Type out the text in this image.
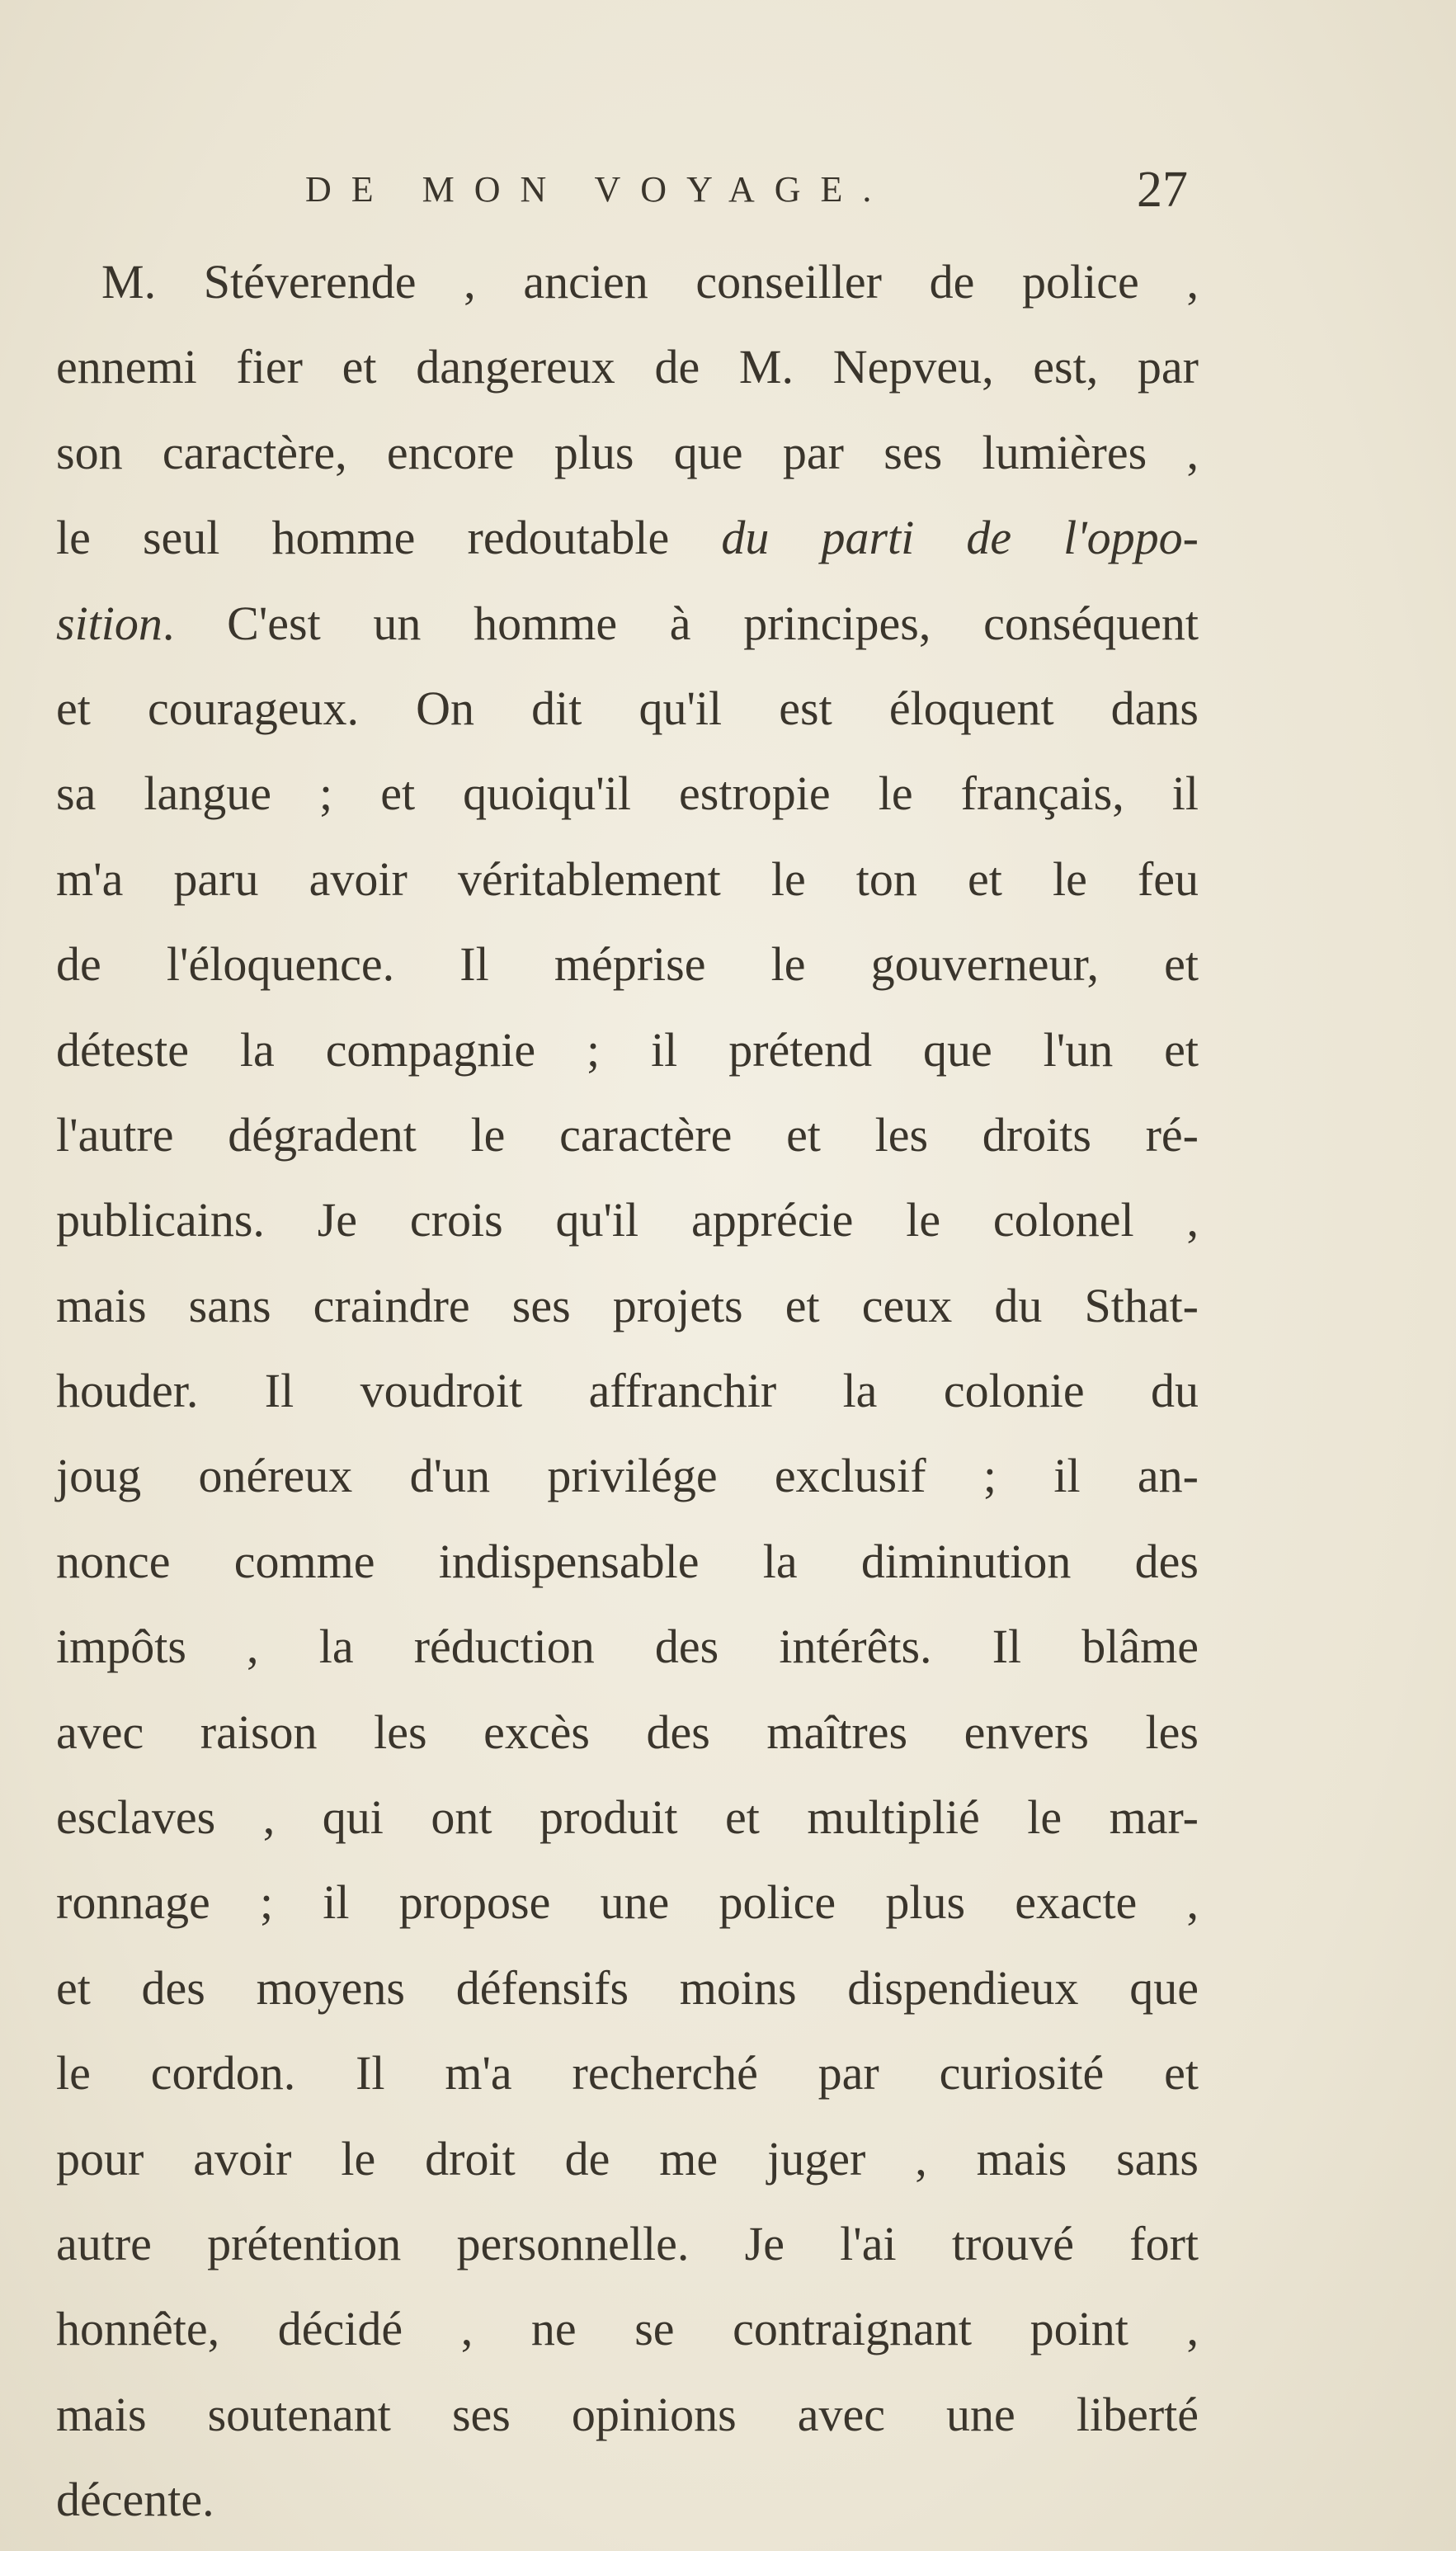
DE MON VOYAGE.	27
M. Stéverende , ancien conseiller de police ,
ennemi fier et dangereux de M. Nepveu, est, par
son caractère, encore plus que par ses lumières ,
le seul homme redoutable du parti de l'oppo-
sition. C'est un homme à principes, conséquent
et courageux. On dit qu'il est éloquent dans
sa langue ; et quoiqu'il estropie le français, il
m'a paru avoir véritablement le ton et le feu
de l'éloquence. Il méprise le gouverneur, et
déteste la compagnie ; il prétend que l'un et
l'autre dégradent le caractère et les droits ré-
publicains. Je crois qu'il apprécie le colonel ,
mais sans craindre ses projets et ceux du Sthat-
houder. Il voudroit affranchir la colonie du
joug onéreux d'un privilége exclusif ; il an-
nonce comme indispensable la diminution des
impôts , la réduction des intérêts. Il blâme
avec raison les excès des maîtres envers les
esclaves , qui ont produit et multiplié le mar-
ronnage ; il propose une police plus exacte ,
et des moyens défensifs moins dispendieux que
le cordon. Il m'a recherché par curiosité et
pour avoir le droit de me juger , mais sans
autre prétention personnelle. Je l'ai trouvé fort
honnête, décidé , ne se contraignant point ,
mais soutenant ses opinions avec une liberté
décente.
